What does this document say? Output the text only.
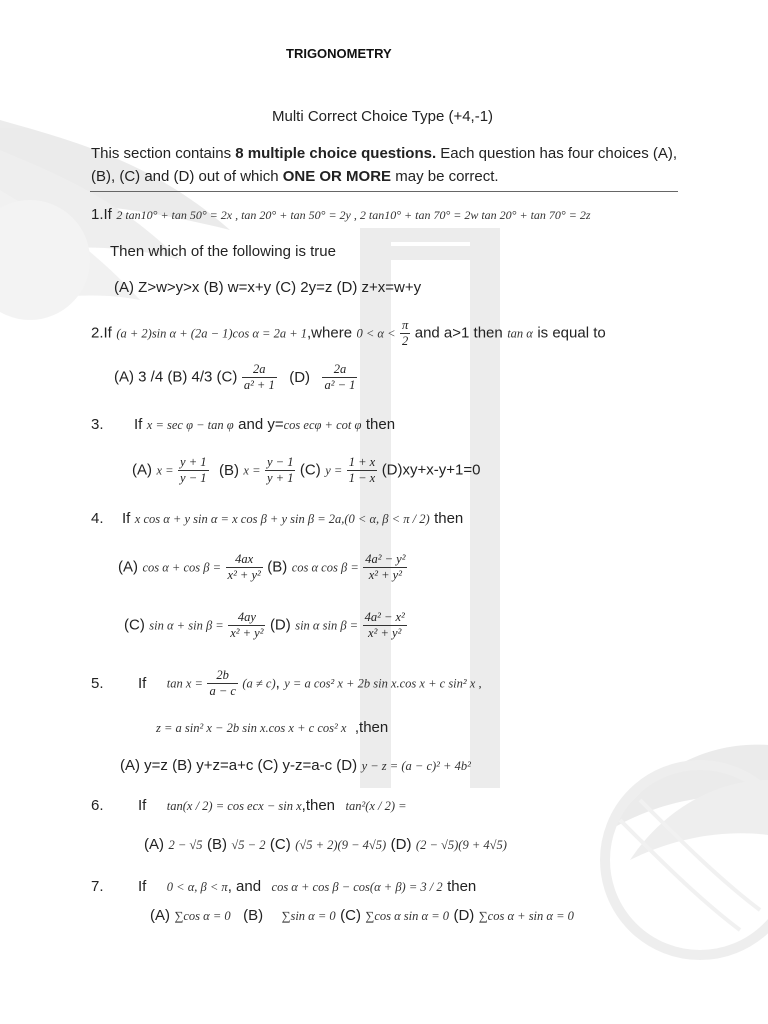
TRIGONOMETRY
Multi Correct Choice Type (+4,-1)
This section contains 8 multiple choice questions. Each question has four choices (A),
(B), (C) and (D) out of which ONE OR MORE may be correct.
1.If 2 tan10° + tan 50° = 2x , tan 20° + tan 50° = 2y , 2 tan10° + tan 70° = 2w tan 20° + tan 70° = 2z
Then which of the following is true
(A) Z>w>y>x (B) w=x+y (C) 2y=z (D) z+x=w+y
2.If (a + 2)sin α + (2a − 1)cos α = 2a + 1,where $0 < \alpha < \frac{\pi}{2}$ and a>1 then tan α is equal to
(A) 3 /4 (B) 4/3 $(C) \frac{2a}{\text{a² + 1}} (D) \frac{2a}{\text{a² − 1}}$
3. If x = sec φ − tan φ and y=cos ecφ + cot φ then
(A) $x = \frac{y + 1}{y - 1} (B) x = \frac{y - 1}{y + 1} (C) y = \frac{1 + x}{1 - x} (D)xy+x-y+1=0$
4. If x cos α + y sin α = x cos β + y sin β = 2a,(0 < α, β < π / 2) then
(A) $\cos \alpha + \cos \beta = \frac{4ax}{\text{x² + y²}} (B)$ cos α $\cos \beta = \frac{\text{4a² − y²}}{\text{x² + y²}}$
(C) $\sin \alpha + \sin \beta = \frac{4ay}{\text{x² + y²}} (D)$ sin α $\sin \beta = \frac{\text{4a² − x²}}{\text{x² + y²}}$
5. If $\tan x = \frac{2b}{a - c} (a \ne c)$, y = a cos² x + 2b sin x.cos x + c sin² x ,
z = a sin² x − 2b sin x.cos x + c cos² x ,then
(A) y=z (B) y+z=a+c (C) y-z=a-c (D) y − z = (a − c)² + 4b²
6. If tan(x / 2) = cos ecx − sin x,then tan²(x / 2) =
(A) 2 − √5 (B) √5 − 2 (C) (√5 + 2)(9 − 4√5) (D) (2 − √5)(9 + 4√5)
7. If 0 < α, β < π, and cos α + cos β − cos(α + β) = 3 / 2 then
(A) ∑cos α = 0 (B) ∑sin α = 0 (C) ∑cos α sin α = 0 (D) ∑cos α + sin α = 0
